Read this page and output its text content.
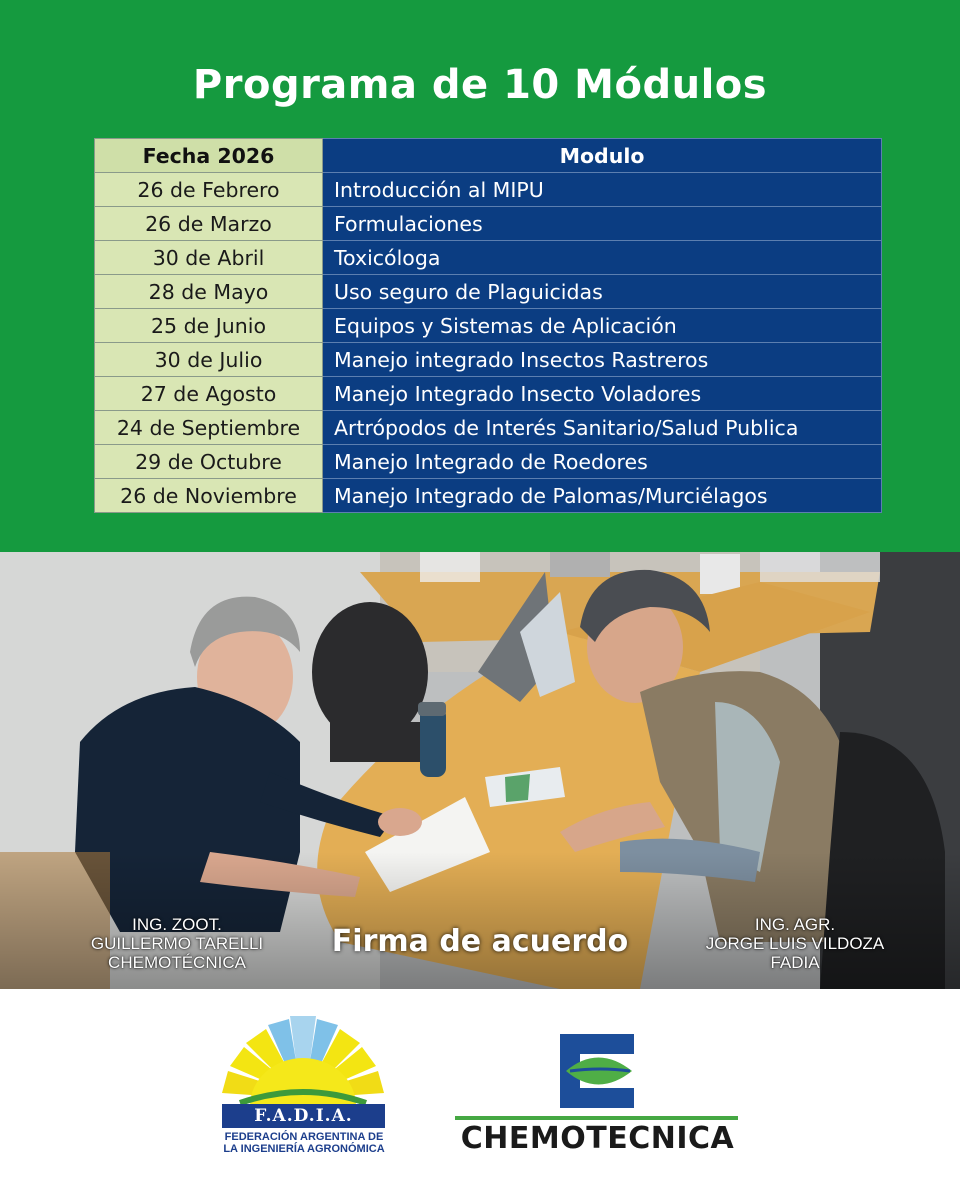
Programa de 10 Módulos
Fecha 2026	Modulo
26 de Febrero	Introducción al MIPU
26 de Marzo	Formulaciones
30 de Abril	Toxicóloga
28 de Mayo	Uso seguro de Plaguicidas
25 de Junio	Equipos y Sistemas de Aplicación
30 de Julio	Manejo integrado Insectos Rastreros
27 de Agosto	Manejo Integrado Insecto Voladores
24 de Septiembre	Artrópodos de Interés Sanitario/Salud Publica
29 de Octubre	Manejo Integrado de Roedores
26 de Noviembre	Manejo Integrado de Palomas/Murciélagos
ING. ZOOT.
GUILLERMO TARELLI
CHEMOTÉCNICA
Firma de acuerdo	ING. AGR.
JORGE LUIS VILDOZA
FADIA
F.A.D.I.A.
FEDERACIÓN ARGENTINA DE
LA INGENIERÍA AGRONÓMICA	CHEMOTECNICA
